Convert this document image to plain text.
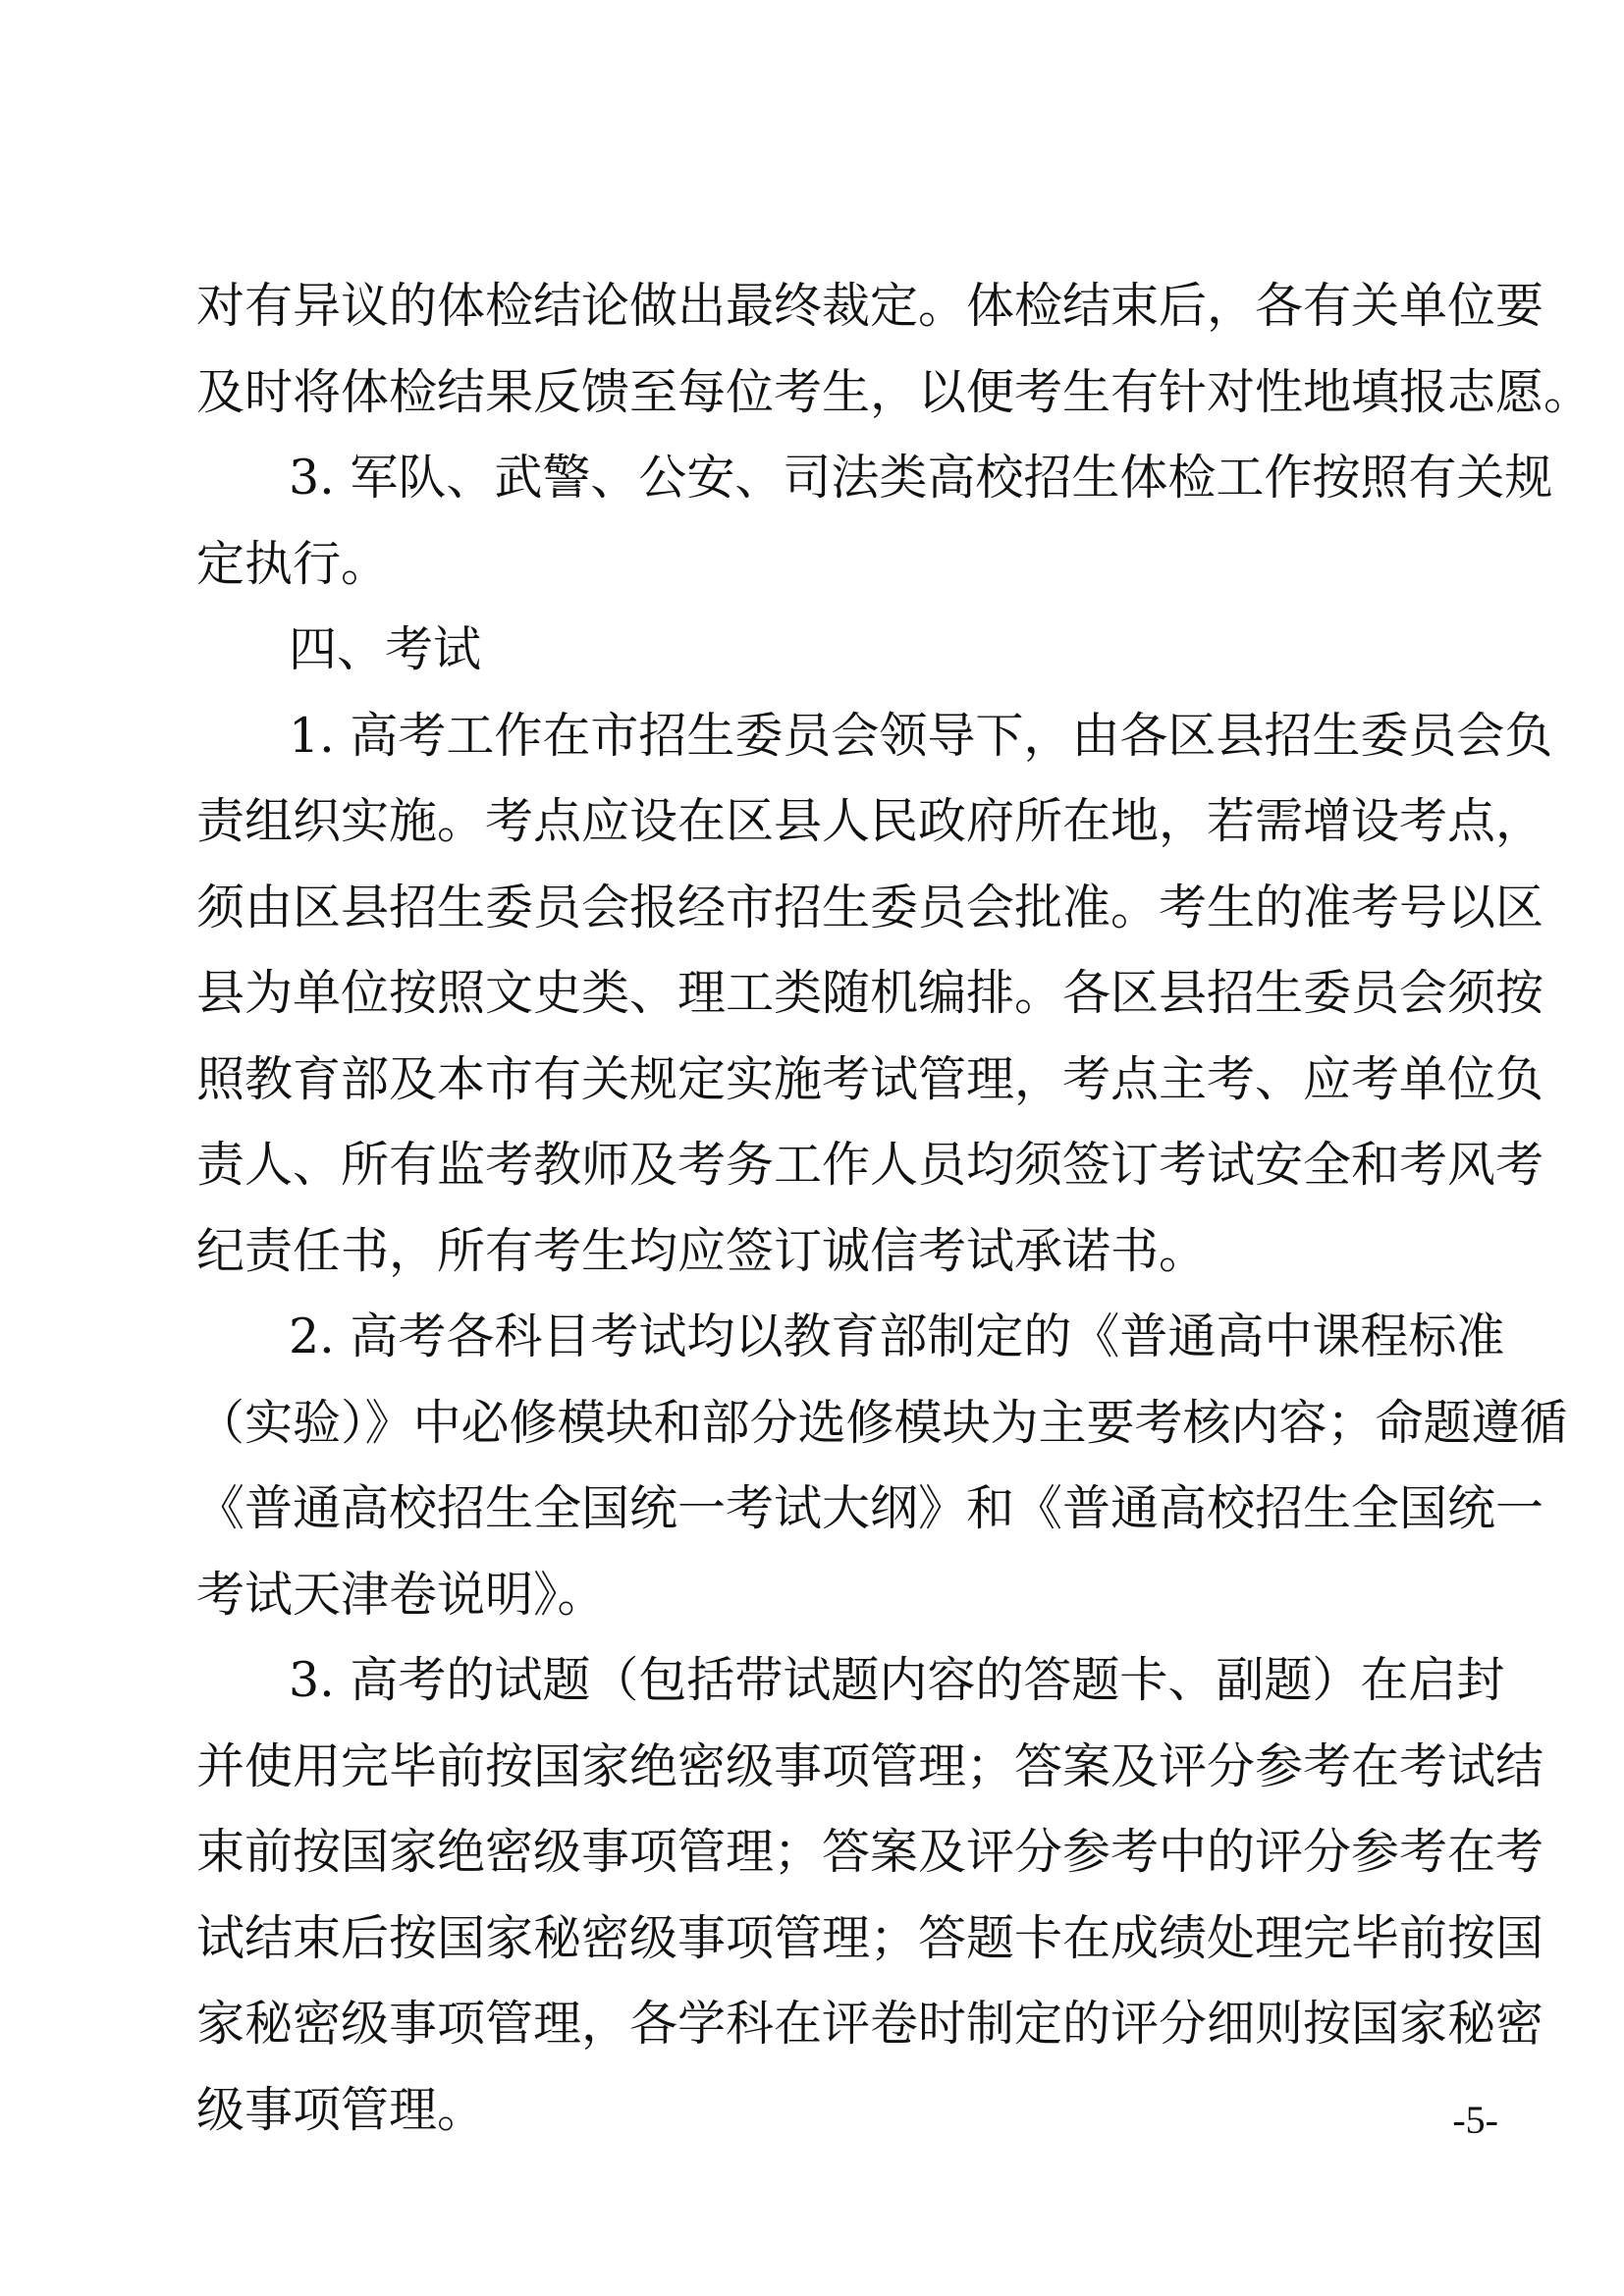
对有异议的体检结论做出最终裁定。体检结束后，各有关单位要
及时将体检结果反馈至每位考生，以便考生有针对性地填报志愿。
3. 军队、武警、公安、司法类高校招生体检工作按照有关规
定执行。
四、考试
1. 高考工作在市招生委员会领导下，由各区县招生委员会负
责组织实施。考点应设在区县人民政府所在地，若需增设考点，
须由区县招生委员会报经市招生委员会批准。考生的准考号以区
县为单位按照文史类、理工类随机编排。各区县招生委员会须按
照教育部及本市有关规定实施考试管理，考点主考、应考单位负
责人、所有监考教师及考务工作人员均须签订考试安全和考风考
纪责任书，所有考生均应签订诚信考试承诺书。
2. 高考各科目考试均以教育部制定的《普通高中课程标准
（实验）》中必修模块和部分选修模块为主要考核内容；命题遵循
《普通高校招生全国统一考试大纲》和《普通高校招生全国统一
考试天津卷说明》。
3. 高考的试题（包括带试题内容的答题卡、副题）在启封
并使用完毕前按国家绝密级事项管理；答案及评分参考在考试结
束前按国家绝密级事项管理；答案及评分参考中的评分参考在考
试结束后按国家秘密级事项管理；答题卡在成绩处理完毕前按国
家秘密级事项管理，各学科在评卷时制定的评分细则按国家秘密
级事项管理。	-5-
